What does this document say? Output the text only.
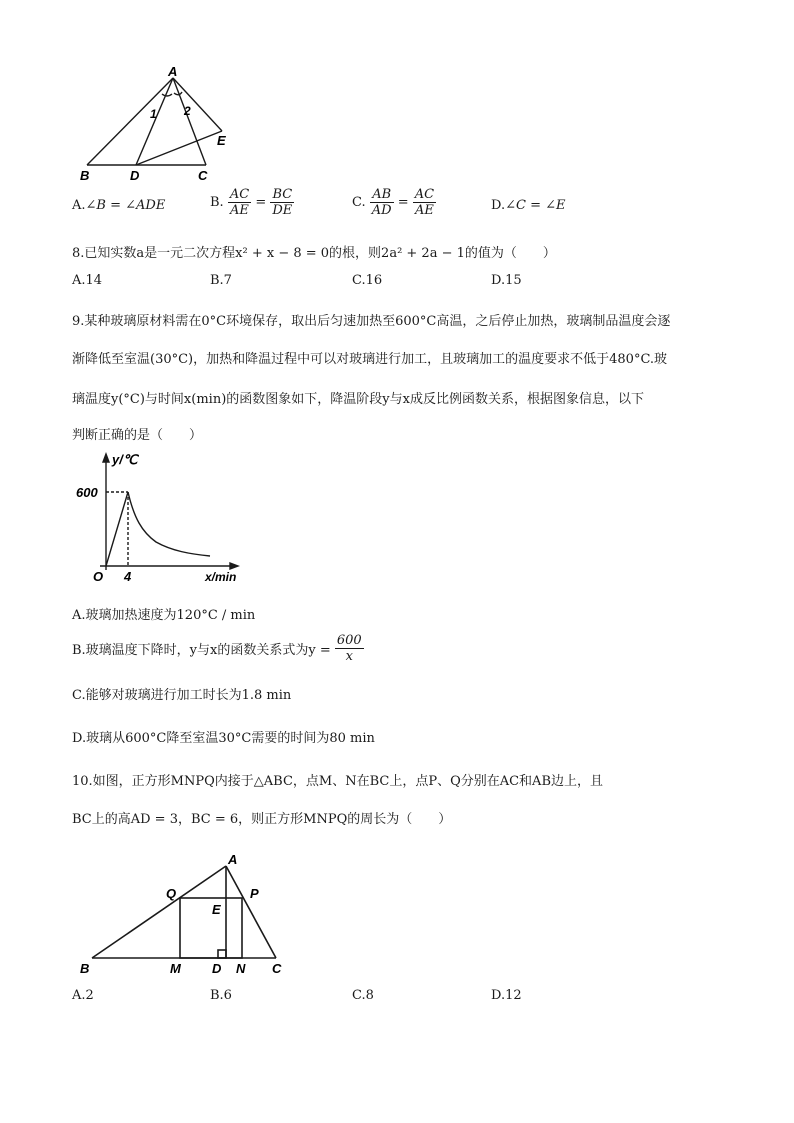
A
B	D	C
E
1 2
A.∠B = ∠ADE	B. $\frac{AC}{AE} = \frac{BC}{DE}$	C. $\frac{AB}{AD} = \frac{AC}{AE}$	D.∠C = ∠E
8.已知实数a是一元二次方程x² + x − 8 = 0的根，则2a² + 2a − 1的值为（　　）
A.14	B.7	C.16	D.15
9.某种玻璃原材料需在0°C环境保存，取出后匀速加热至600°C高温，之后停止加热，玻璃制品温度会逐
渐降低至室温(30°C)，加热和降温过程中可以对玻璃进行加工，且玻璃加工的温度要求不低于480°C.玻
璃温度y(°C)与时间x(min)的函数图象如下，降温阶段y与x成反比例函数关系，根据图象信息，以下
判断正确的是（　　）
y/℃
600
O 4	x/min
A.玻璃加热速度为120°C / min
B.玻璃温度下降时，y与x的函数关系式为$y = \frac{600}{x}$
C.能够对玻璃进行加工时长为1.8 min
D.玻璃从600°C降至室温30°C需要的时间为80 min
10.如图，正方形MNPQ内接于△ABC，点M、N在BC上，点P、Q分别在AC和AB边上，且
BC上的高AD = 3，BC = 6，则正方形MNPQ的周长为（　　）
A
B	C
D
E
M	N
P
Q
A.2	B.6	C.8	D.12
